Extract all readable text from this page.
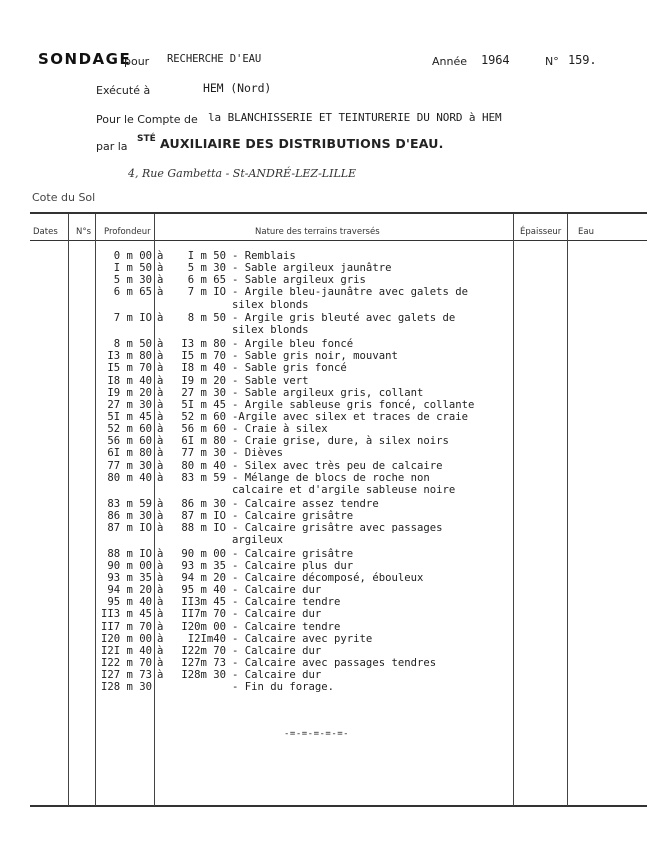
SONDAGE
pour RECHERCHE D'EAU	Année 1964	N° 159.
Exécuté à	HEM (Nord)
Pour le Compte de la BLANCHISSERIE ET TEINTURERIE DU NORD à HEM
par la
STÉ AUXILIAIRE DES DISTRIBUTIONS D'EAU.
4, Rue Gambetta - St-ANDRÉ-LEZ-LILLE
Cote du Sol
Dates N°s Profondeur	Nature des terrains traversés	Épaisseur Eau
0 m 00 à I m 50 - Remblais
I m 50 à 5 m 30 - Sable argileux jaunâtre
5 m 30 à 6 m 65 - Sable argileux gris
6 m 65 à 7 m IO - Argile bleu-jaunâtre avec galets de
silex blonds
7 m IO à 8 m 50 - Argile gris bleuté avec galets de
silex blonds
8 m 50 à I3 m 80 - Argile bleu foncé
I3 m 80 à I5 m 70 - Sable gris noir, mouvant
I5 m 70 à I8 m 40 - Sable gris foncé
I8 m 40 à I9 m 20 - Sable vert
I9 m 20 à 27 m 30 - Sable argileux gris, collant
27 m 30 à 5I m 45 - Argile sableuse gris foncé, collante
5I m 45 à 52 m 60 -Argile avec silex et traces de craie
52 m 60 à 56 m 60 - Craie à silex
56 m 60 à 6I m 80 - Craie grise, dure, à silex noirs
6I m 80 à 77 m 30 - Dièves
77 m 30 à 80 m 40 - Silex avec très peu de calcaire
80 m 40 à 83 m 59 - Mélange de blocs de roche non
calcaire et d'argile sableuse noire
83 m 59 à 86 m 30 - Calcaire assez tendre
86 m 30 à 87 m IO - Calcaire grisâtre
87 m IO à 88 m IO - Calcaire grisâtre avec passages
argileux
88 m IO à 90 m 00 - Calcaire grisâtre
90 m 00 à 93 m 35 - Calcaire plus dur
93 m 35 à 94 m 20 - Calcaire décomposé, ébouleux
94 m 20 à 95 m 40 - Calcaire dur
95 m 40 à II3m 45 - Calcaire tendre
II3 m 45 à II7m 70 - Calcaire dur
II7 m 70 à I20m 00 - Calcaire tendre
I20 m 00 à I2Im40 - Calcaire avec pyrite
I2I m 40 à I22m 70 - Calcaire dur
I22 m 70 à I27m 73 - Calcaire avec passages tendres
I27 m 73 à I28m 30 - Calcaire dur
I28 m 30	- Fin du forage.
-=-=-=-=-=-
